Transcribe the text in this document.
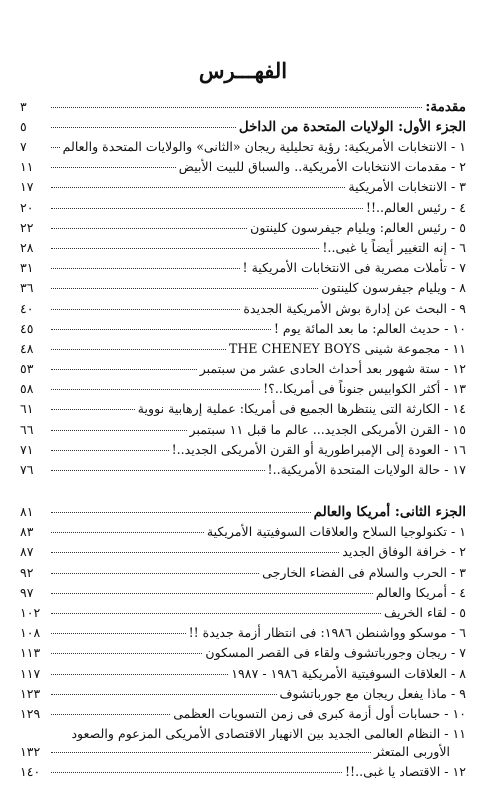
الفهـــرس
مقدمة:
٣
الجزء الأول: الولايات المتحدة من الداخل
٥
١ - الانتخابات الأمريكية: رؤية تحليلية ريجان «الثانى» والولايات المتحدة والعالم
٧
٢ - مقدمات الانتخابات الأمريكية.. والسباق للبيت الأبيض
١١
٣ - الانتخابات الأمريكية
١٧
٤ - رئيس العالم..!!
٢٠
٥ - رئيس العالم: ويليام جيفرسون كلينتون
٢٢
٦ - إنه التغيير أيضاً يا غبى..!
٢٨
٧ - تأملات مصرية فى الانتخابات الأمريكية !
٣١
٨ - ويليام جيفرسون كلينتون
٣٦
٩ - البحث عن إدارة بوش الأمريكية الجديدة
٤٠
١٠ - حديث العالم: ما بعد المائة يوم !
٤٥
١١ - مجموعة شينى THE CHENEY BOYS
٤٨
١٢ - ستة شهور بعد أحداث الحادى عشر من سبتمبر
٥٣
١٣ - أكثر الكوابيس جنوناً فى أمريكا..؟!
٥٨
١٤ - الكارثة التى ينتظرها الجميع فى أمريكا: عملية إرهابية نووية
٦١
١٥ - القرن الأمريكى الجديد... عالم ما قبل ١١ سبتمبر
٦٦
١٦ - العودة إلى الإمبراطورية أو القرن الأمريكى الجديد..!
٧١
١٧ - حالة الولايات المتحدة الأمريكية..!
٧٦
الجزء الثانى: أمريكا والعالم
٨١
١ - تكنولوجيا السلاح والعلاقات السوفيتية الأمريكية
٨٣
٢ - خرافة الوفاق الجديد
٨٧
٣ - الحرب والسلام فى الفضاء الخارجى
٩٢
٤ - أمريكا والعالم
٩٧
٥ - لقاء الخريف
١٠٢
٦ - موسكو وواشنطن ١٩٨٦: فى انتظار أزمة جديدة !!
١٠٨
٧ - ريجان وجورباتشوف ولقاء فى القصر المسكون
١١٣
٨ - العلاقات السوفيتية الأمريكية ١٩٨٦ - ١٩٨٧
١١٧
٩ - ماذا يفعل ريجان مع جورباتشوف
١٢٣
١٠ - حسابات أول أزمة كبرى فى زمن التسويات العظمى
١٢٩
١١ - النظام العالمى الجديد بين الانهيار الاقتصادى الأمريكى المزعوم والصعود
الأوربى المتعثر
١٣٢
١٢ - الاقتصاد يا غبى..!!
١٤٠
